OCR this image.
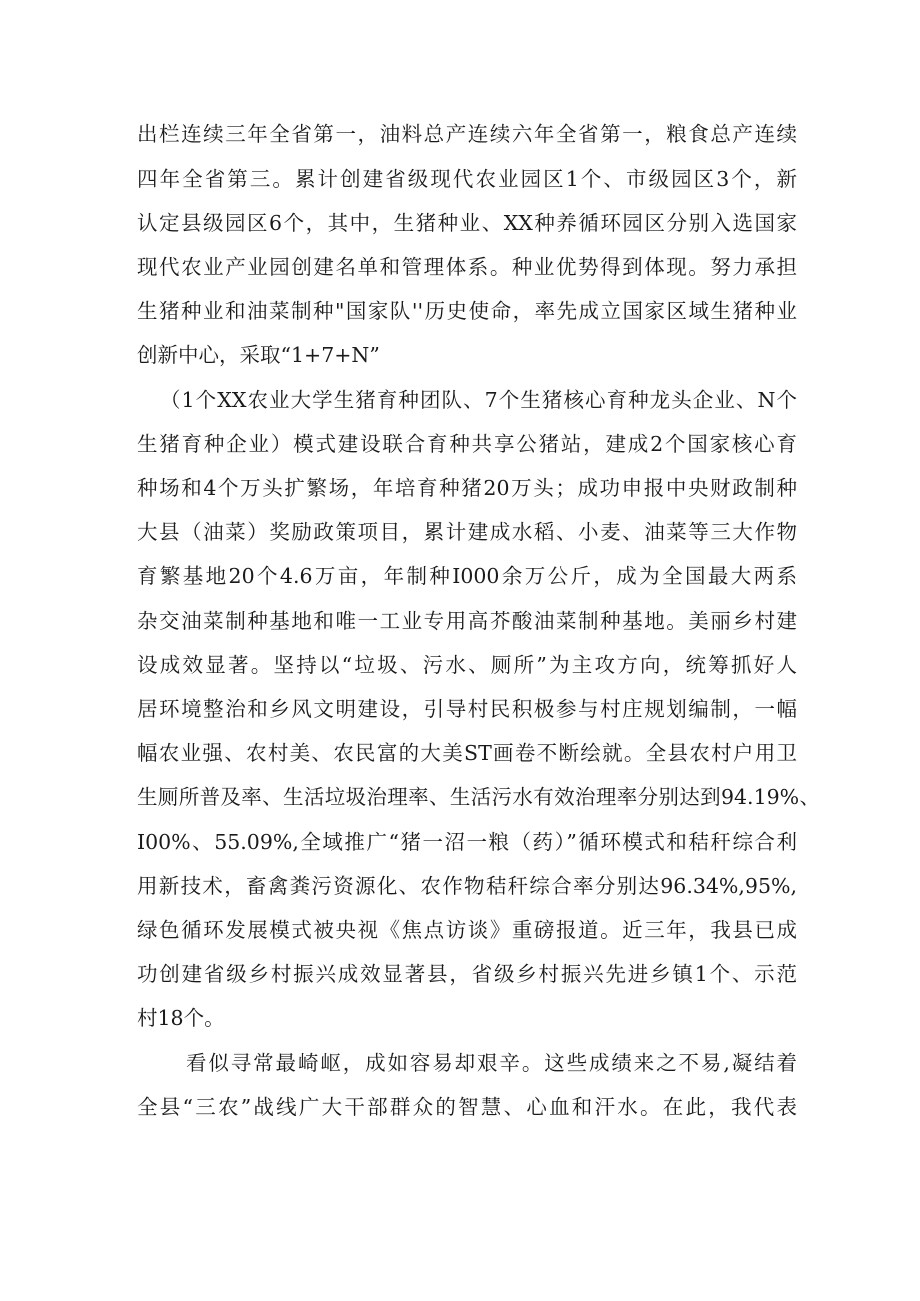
出栏连续三年全省第一，油料总产连续六年全省第一，粮食总产连续
四年全省第三。累计创建省级现代农业园区1个、市级园区3个，新
认定县级园区6个，其中，生猪种业、XX种养循环园区分别入选国家
现代农业产业园创建名单和管理体系。种业优势得到体现。努力承担
生猪种业和油菜制种"国家队''历史使命，率先成立国家区域生猪种业
创新中心，采取“1+7+N”
（1个XX农业大学生猪育种团队、7个生猪核心育种龙头企业、N个
生猪育种企业）模式建设联合育种共享公猪站，建成2个国家核心育
种场和4个万头扩繁场，年培育种猪20万头；成功申报中央财政制种
大县（油菜）奖励政策项目，累计建成水稻、小麦、油菜等三大作物
育繁基地20个4.6万亩，年制种I000余万公斤，成为全国最大两系
杂交油菜制种基地和唯一工业专用高芥酸油菜制种基地。美丽乡村建
设成效显著。坚持以“垃圾、污水、厕所”为主攻方向，统筹抓好人
居环境整治和乡风文明建设，引导村民积极参与村庄规划编制，一幅
幅农业强、农村美、农民富的大美ST画卷不断绘就。全县农村户用卫
生厕所普及率、生活垃圾治理率、生活污水有效治理率分别达到94.19%、
I00%、55.09%,全域推广“猪一沼一粮（药）”循环模式和秸秆综合利
用新技术，畜禽粪污资源化、农作物秸秆综合率分别达96.34%,95%,
绿色循环发展模式被央视《焦点访谈》重磅报道。近三年，我县已成
功创建省级乡村振兴成效显著县，省级乡村振兴先进乡镇1个、示范
村18个。
看似寻常最崎岖，成如容易却艰辛。这些成绩来之不易,凝结着
全县“三农”战线广大干部群众的智慧、心血和汗水。在此，我代表
